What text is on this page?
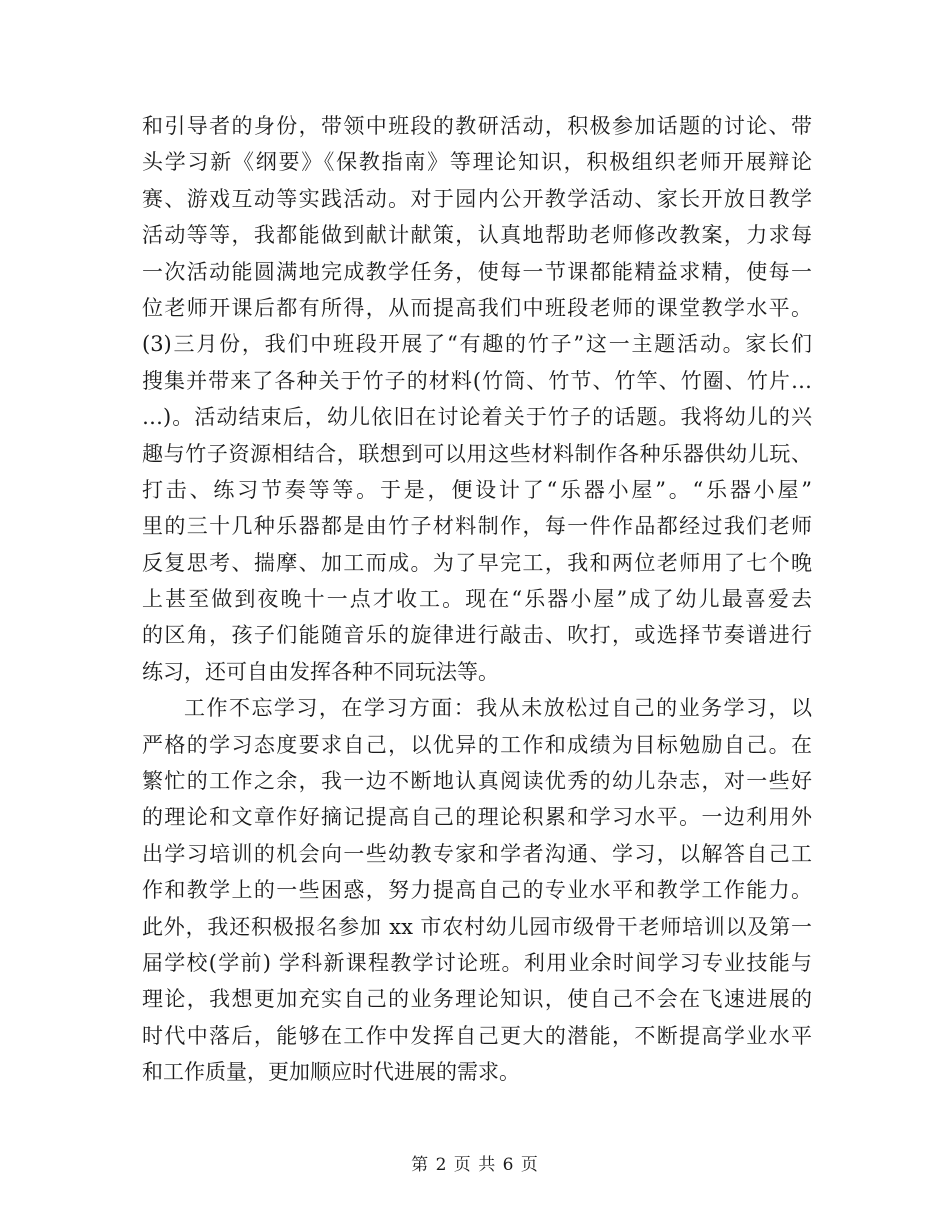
和引导者的身份，带领中班段的教研活动，积极参加话题的讨论、带
头学习新《纲要》《保教指南》等理论知识，积极组织老师开展辩论
赛、游戏互动等实践活动。对于园内公开教学活动、家长开放日教学
活动等等，我都能做到献计献策，认真地帮助老师修改教案，力求每
一次活动能圆满地完成教学任务，使每一节课都能精益求精，使每一
位老师开课后都有所得，从而提高我们中班段老师的课堂教学水平。
(3)三月份，我们中班段开展了“有趣的竹子”这一主题活动。家长们
搜集并带来了各种关于竹子的材料(竹筒、竹节、竹竿、竹圈、竹片…
…)。活动结束后，幼儿依旧在讨论着关于竹子的话题。我将幼儿的兴
趣与竹子资源相结合，联想到可以用这些材料制作各种乐器供幼儿玩、
打击、练习节奏等等。于是，便设计了“乐器小屋”。“乐器小屋”
里的三十几种乐器都是由竹子材料制作，每一件作品都经过我们老师
反复思考、揣摩、加工而成。为了早完工，我和两位老师用了七个晚
上甚至做到夜晚十一点才收工。现在“乐器小屋”成了幼儿最喜爱去
的区角，孩子们能随音乐的旋律进行敲击、吹打，或选择节奏谱进行
练习，还可自由发挥各种不同玩法等。
工作不忘学习，在学习方面：我从未放松过自己的业务学习，以
严格的学习态度要求自己，以优异的工作和成绩为目标勉励自己。在
繁忙的工作之余，我一边不断地认真阅读优秀的幼儿杂志，对一些好
的理论和文章作好摘记提高自己的理论积累和学习水平。一边利用外
出学习培训的机会向一些幼教专家和学者沟通、学习，以解答自己工
作和教学上的一些困惑，努力提高自己的专业水平和教学工作能力。
此外，我还积极报名参加 xx 市农村幼儿园市级骨干老师培训以及第一
届学校(学前) 学科新课程教学讨论班。利用业余时间学习专业技能与
理论，我想更加充实自己的业务理论知识，使自己不会在飞速进展的
时代中落后，能够在工作中发挥自己更大的潜能，不断提高学业水平
和工作质量，更加顺应时代进展的需求。
第 2 页 共 6 页
